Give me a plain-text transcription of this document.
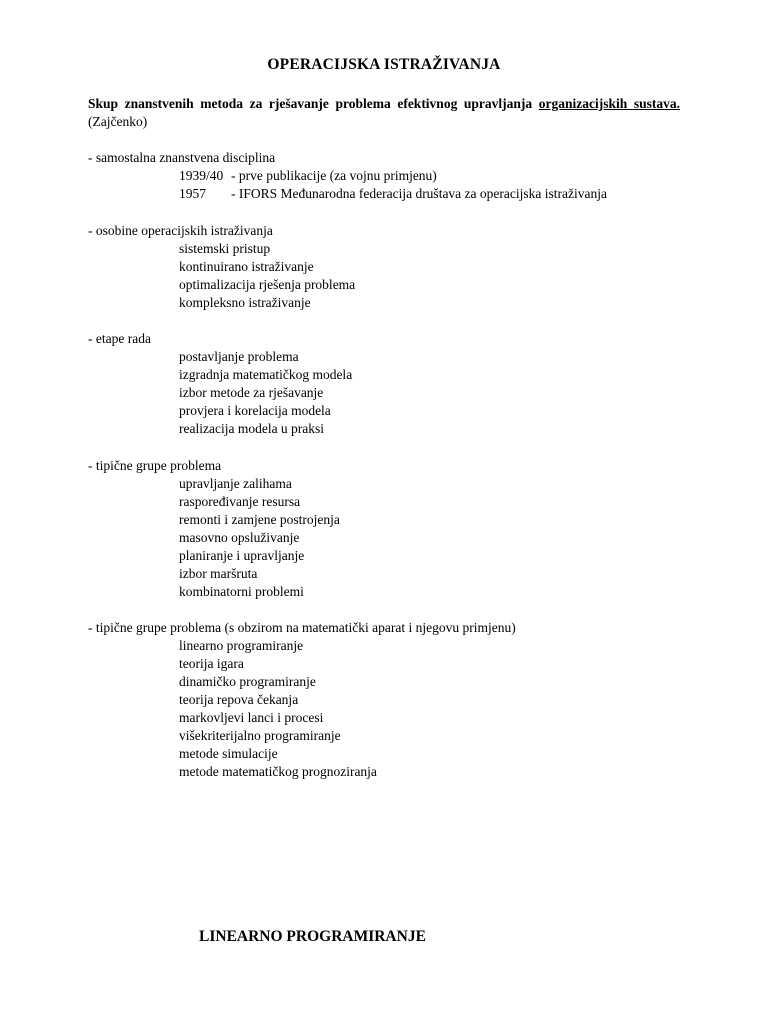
OPERACIJSKA ISTRAŽIVANJA
Skup znanstvenih metoda za rješavanje problema efektivnog upravljanja organizacijskih sustava. (Zajčenko)
- samostalna znanstvena disciplina
1939/40 - prve publikacije (za vojnu primjenu)
1957 - IFORS Međunarodna federacija društava za operacijska istraživanja
- osobine operacijskih istraživanja
sistemski pristup
kontinuirano istraživanje
optimalizacija rješenja problema
kompleksno istraživanje
- etape rada
postavljanje problema
izgradnja matematičkog modela
izbor metode za rješavanje
provjera i korelacija modela
realizacija modela u praksi
- tipične grupe problema
upravljanje zalihama
raspoređivanje resursa
remonti i zamjene postrojenja
masovno opsluživanje
planiranje i upravljanje
izbor maršruta
kombinatorni problemi
- tipične grupe problema (s obzirom na matematički aparat i njegovu primjenu)
linearno programiranje
teorija igara
dinamičko programiranje
teorija repova čekanja
markovljevi lanci i procesi
višekriterijalno programiranje
metode simulacije
metode matematičkog prognoziranja
LINEARNO PROGRAMIRANJE
